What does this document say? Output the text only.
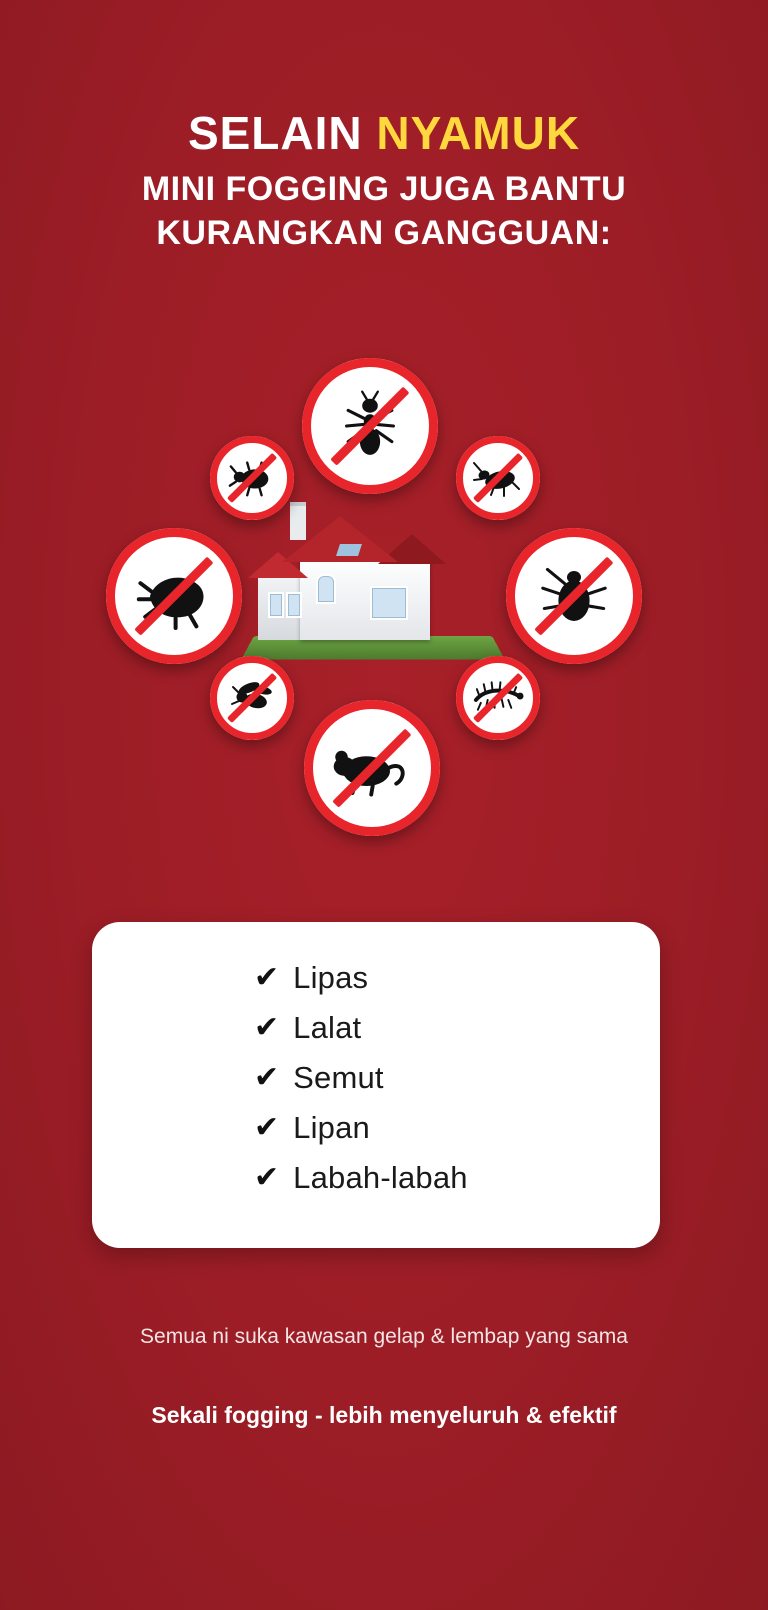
SELAIN NYAMUK
MINI FOGGING JUGA BANTU
KURANGKAN GANGGUAN:
✔ Lipas
✔ Lalat
✔ Semut
✔ Lipan
✔ Labah-labah
Semua ni suka kawasan gelap & lembap yang sama
Sekali fogging - lebih menyeluruh & efektif
